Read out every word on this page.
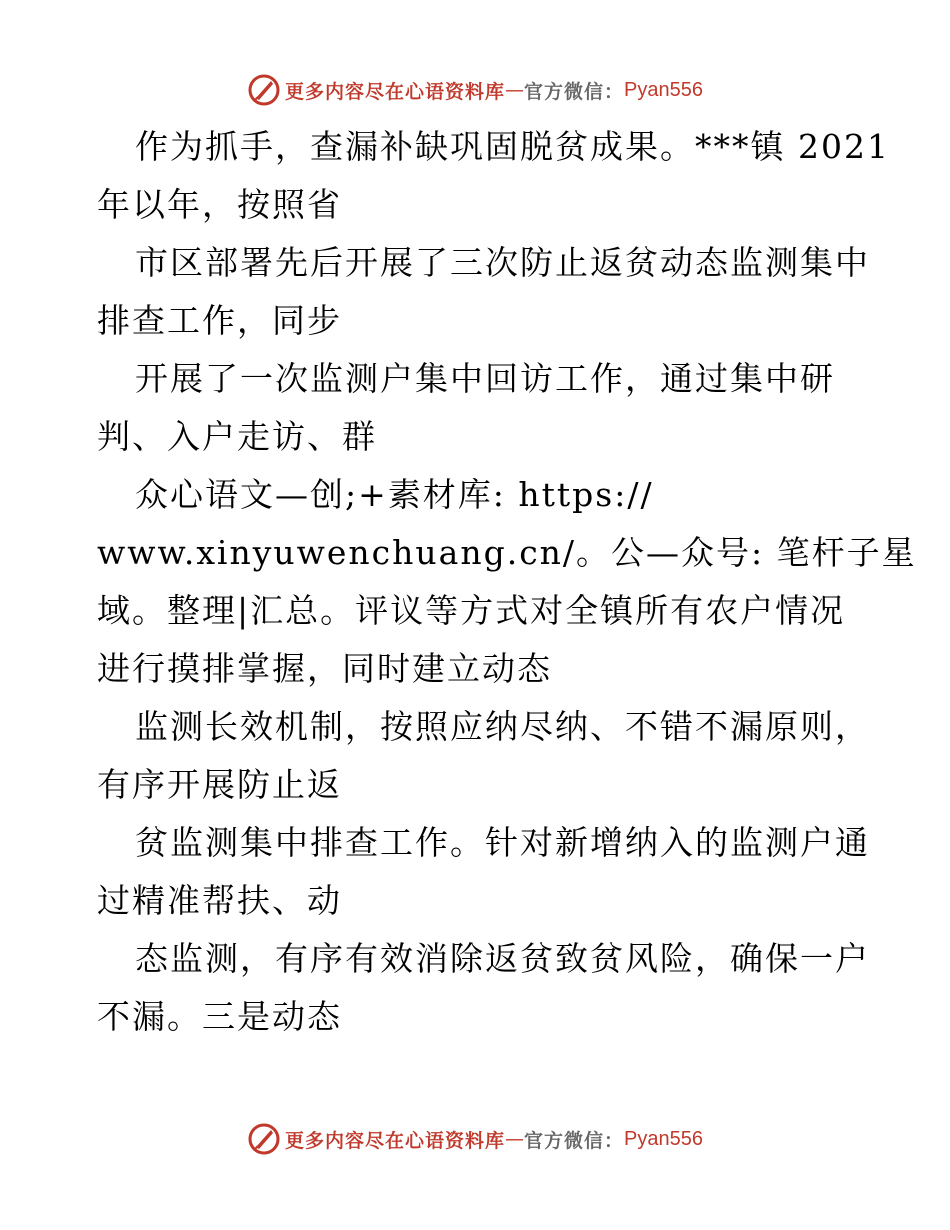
更多内容尽在心语资料库 — 官方微信： Pyan556
作为抓手，查漏补缺巩固脱贫成果。***镇 2021
年以年，按照省
市区部署先后开展了三次防止返贫动态监测集中
排查工作，同步
开展了一次监测户集中回访工作，通过集中研
判、入户走访、群
众心语文—创;+素材库: https://
www.xinyuwenchuang.cn/。公—众号: 笔杆子星
域。整理|汇总。评议等方式对全镇所有农户情况
进行摸排掌握，同时建立动态
监测长效机制，按照应纳尽纳、不错不漏原则，
有序开展防止返
贫监测集中排查工作。针对新增纳入的监测户通
过精准帮扶、动
态监测，有序有效消除返贫致贫风险，确保一户
不漏。三是动态
更多内容尽在心语资料库 — 官方微信： Pyan556
